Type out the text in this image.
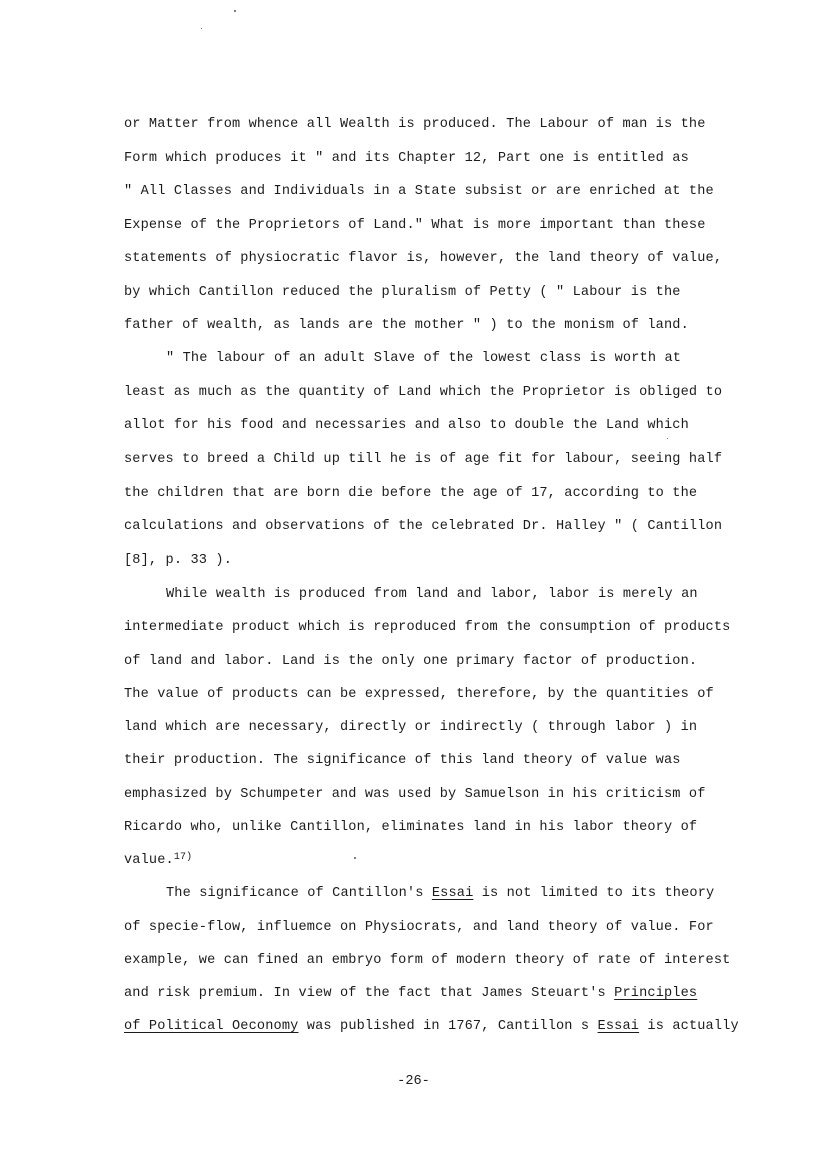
or Matter from whence all Wealth is produced. The Labour of man is the
Form which produces it " and its Chapter 12, Part one is entitled as
" All Classes and Individuals in a State subsist or are enriched at the
Expense of the Proprietors of Land." What is more important than these
statements of physiocratic flavor is, however, the land theory of value,
by which Cantillon reduced the pluralism of Petty ( " Labour is the
father of wealth, as lands are the mother " ) to the monism of land.
" The labour of an adult Slave of the lowest class is worth at
least as much as the quantity of Land which the Proprietor is obliged to
allot for his food and necessaries and also to double the Land which
serves to breed a Child up till he is of age fit for labour, seeing half
the children that are born die before the age of 17, according to the
calculations and observations of the celebrated Dr. Halley " ( Cantillon
[8], p. 33 ).
While wealth is produced from land and labor, labor is merely an
intermediate product which is reproduced from the consumption of products
of land and labor. Land is the only one primary factor of production.
The value of products can be expressed, therefore, by the quantities of
land which are necessary, directly or indirectly ( through labor ) in
their production. The significance of this land theory of value was
emphasized by Schumpeter and was used by Samuelson in his criticism of
Ricardo who, unlike Cantillon, eliminates land in his labor theory of
value.$^{17)}$
The significance of Cantillon's Essai is not limited to its theory
of specie-flow, influemce on Physiocrats, and land theory of value. For
example, we can fined an embryo form of modern theory of rate of interest
and risk premium. In view of the fact that James Steuart's Principles
of Political Oeconomy was published in 1767, Cantillon s Essai is actually
-26-
